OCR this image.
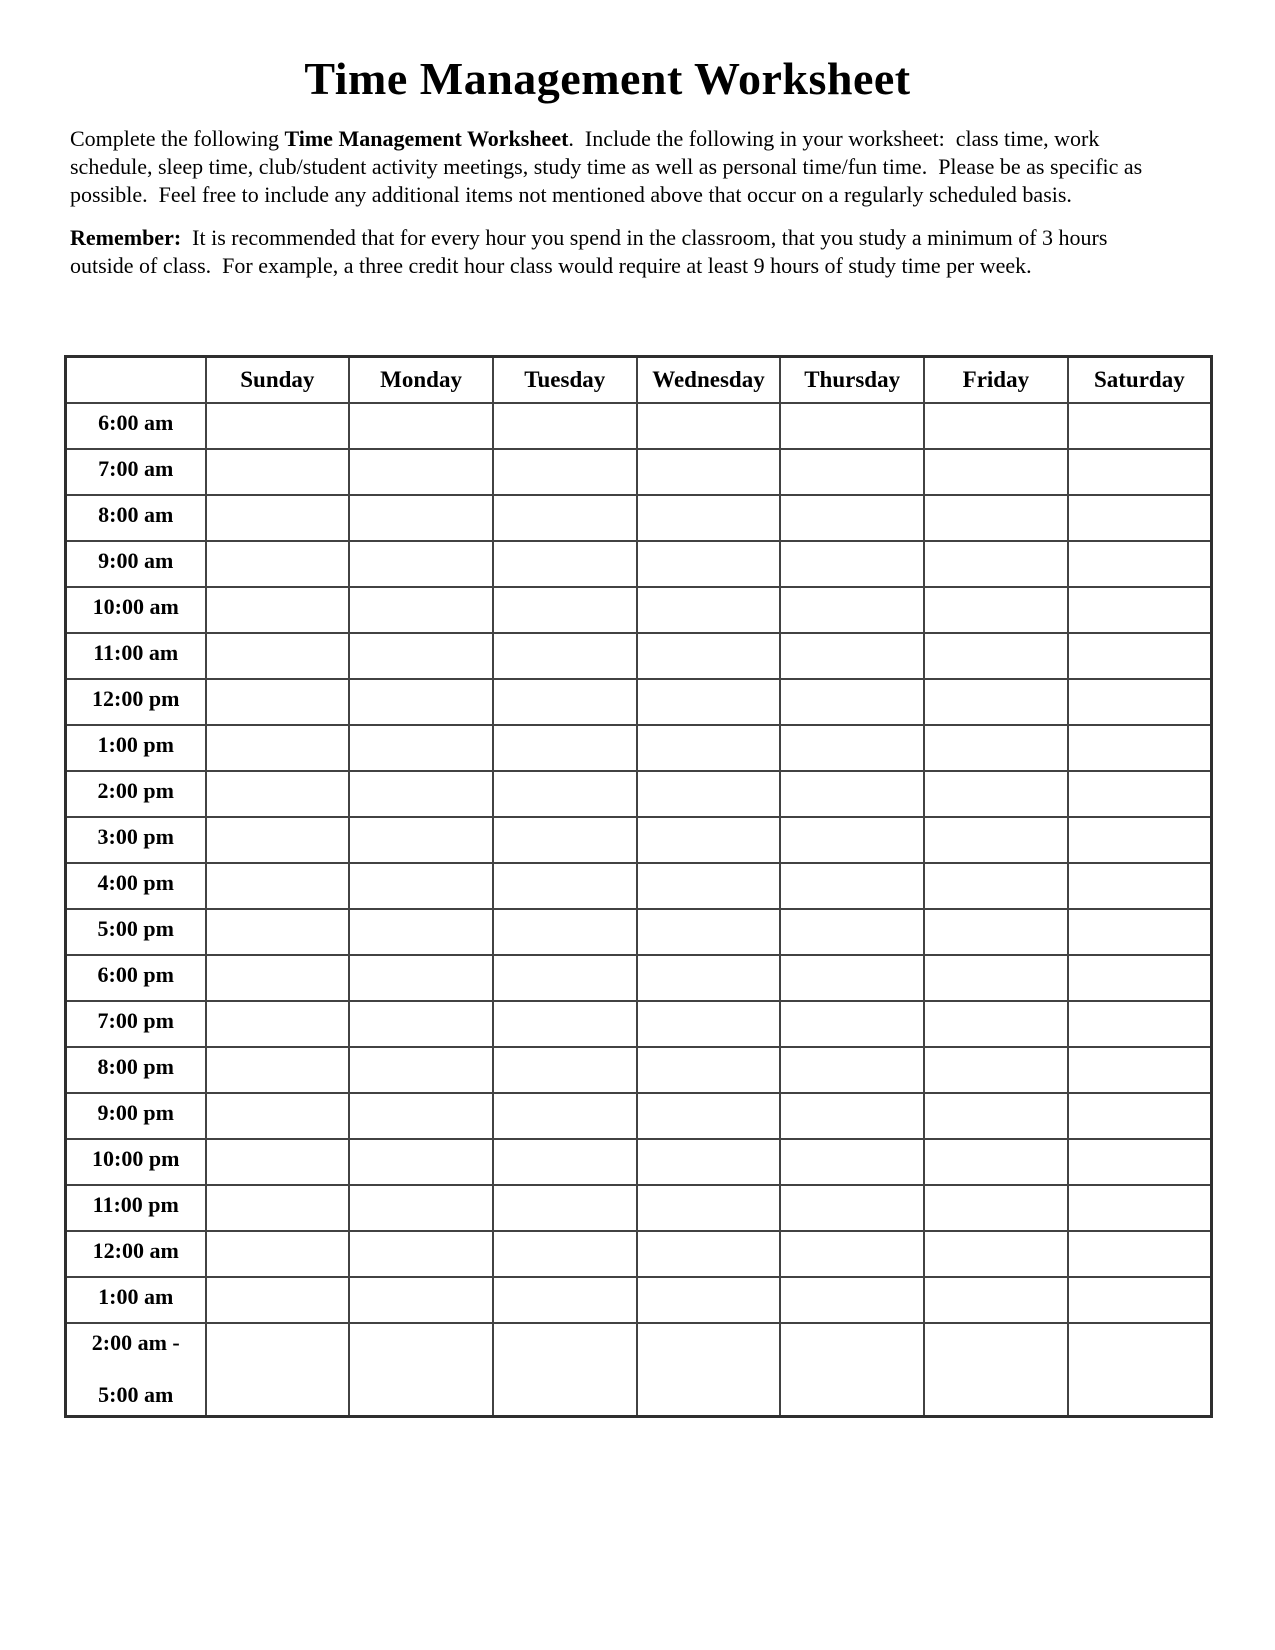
Time Management Worksheet

Complete the following Time Management Worksheet.  Include the following in your worksheet:  class time, work schedule, sleep time, club/student activity meetings, study time as well as personal time/fun time.  Please be as specific as possible.  Feel free to include any additional items not mentioned above that occur on a regularly scheduled basis.

Remember:  It is recommended that for every hour you spend in the classroom, that you study a minimum of 3 hours outside of class.  For example, a three credit hour class would require at least 9 hours of study time per week.

	Sunday	Monday	Tuesday	Wednesday	Thursday	Friday	Saturday
6:00 am							
7:00 am							
8:00 am							
9:00 am							
10:00 am							
11:00 am							
12:00 pm							
1:00 pm							
2:00 pm							
3:00 pm							
4:00 pm							
5:00 pm							
6:00 pm							
7:00 pm							
8:00 pm							
9:00 pm							
10:00 pm							
11:00 pm							
12:00 am							
1:00 am							

2:00 am -
5:00 am							
